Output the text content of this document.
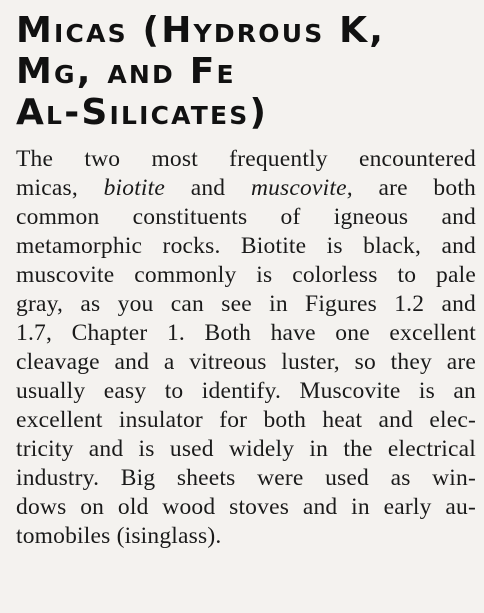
Micas (Hydrous K,
Mg, and Fe
Al-Silicates)

The two most frequently encountered
micas, biotite and muscovite, are both
common constituents of igneous and
metamorphic rocks. Biotite is black, and
muscovite commonly is colorless to pale
gray, as you can see in Figures 1.2 and
1.7, Chapter 1. Both have one excellent
cleavage and a vitreous luster, so they are
usually easy to identify. Muscovite is an
excellent insulator for both heat and elec-
tricity and is used widely in the electrical
industry. Big sheets were used as win-
dows on old wood stoves and in early au-
tomobiles (isinglass).
